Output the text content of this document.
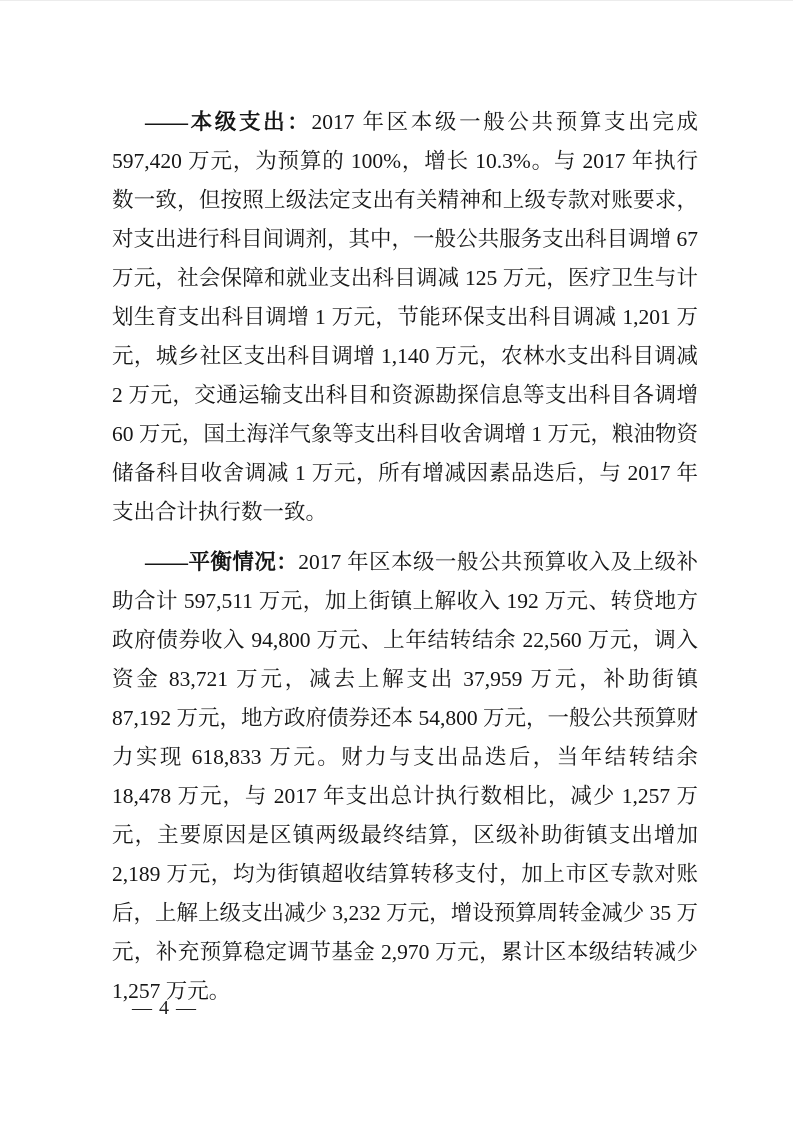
——本级支出：2017 年区本级一般公共预算支出完成 597,420 万元，为预算的 100%，增长 10.3%。与 2017 年执行数一致，但按照上级法定支出有关精神和上级专款对账要求，对支出进行科目间调剂，其中，一般公共服务支出科目调增 67 万元，社会保障和就业支出科目调减 125 万元，医疗卫生与计划生育支出科目调增 1 万元，节能环保支出科目调减 1,201 万元，城乡社区支出科目调增 1,140 万元，农林水支出科目调减 2 万元，交通运输支出科目和资源勘探信息等支出科目各调增 60 万元，国土海洋气象等支出科目收舍调增 1 万元，粮油物资储备科目收舍调减 1 万元，所有增减因素品迭后，与 2017 年支出合计执行数一致。

——平衡情况：2017 年区本级一般公共预算收入及上级补助合计 597,511 万元，加上街镇上解收入 192 万元、转贷地方政府债券收入 94,800 万元、上年结转结余 22,560 万元，调入资金 83,721 万元，减去上解支出 37,959 万元，补助街镇 87,192 万元，地方政府债券还本 54,800 万元，一般公共预算财力实现 618,833 万元。财力与支出品迭后，当年结转结余 18,478 万元，与 2017 年支出总计执行数相比，减少 1,257 万元，主要原因是区镇两级最终结算，区级补助街镇支出增加 2,189 万元，均为街镇超收结算转移支付，加上市区专款对账后，上解上级支出减少 3,232 万元，增设预算周转金减少 35 万元，补充预算稳定调节基金 2,970 万元，累计区本级结转减少 1,257 万元。

— 4 —
